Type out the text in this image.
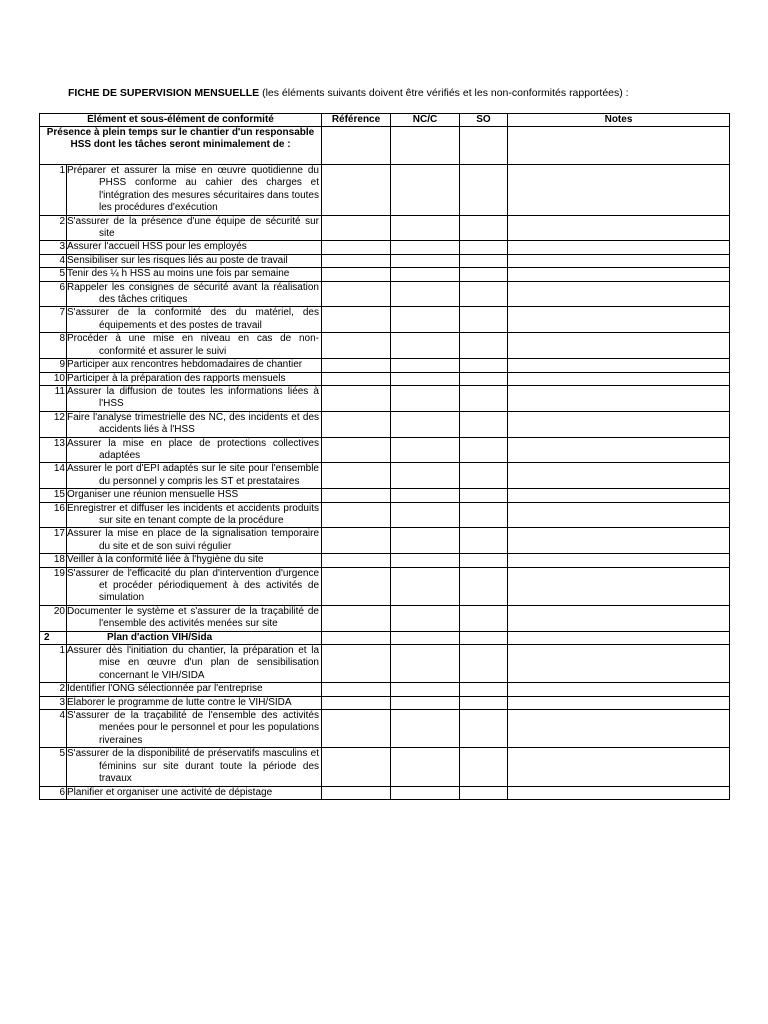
FICHE DE SUPERVISION MENSUELLE (les éléments suivants doivent être vérifiés et les non-conformités rapportées) :
Élément et sous-élément de conformité		Référence	NC/C	SO	Notes
Présence à plein temps sur le chantier d'un responsable HSS dont les tâches seront minimalement de :					
1	Préparer et assurer la mise en œuvre quotidienne du PHSS conforme au cahier des charges et l'intégration des mesures sécuritaires dans toutes les procédures d'exécution				

2	S'assurer de la présence d'une équipe de sécurité sur site				

3	Assurer l'accueil HSS pour les employés				

4	Sensibiliser sur les risques liés au poste de travail				

5	Tenir des ¼ h HSS au moins une fois par semaine				

6	Rappeler les consignes de sécurité avant la réalisation des tâches critiques				

7	S'assurer de la conformité des du matériel, des équipements et des postes de travail				

8	Procéder à une mise en niveau en cas de non-conformité et assurer le suivi				

9	Participer aux rencontres hebdomadaires de chantier				

10	Participer à la préparation des rapports mensuels				

11	Assurer la diffusion de toutes les informations liées à l'HSS				

12	Faire l'analyse trimestrielle des NC, des incidents et des accidents liés à l'HSS				

13	Assurer la mise en place de protections collectives adaptées				

14	Assurer le port d'EPI adaptés sur le site pour l'ensemble du personnel y compris les ST et prestataires				

15	Organiser une réunion mensuelle HSS				

16	Enregistrer et diffuser les incidents et accidents produits sur site en tenant compte de la procédure				

17	Assurer la mise en place de la signalisation temporaire du site et de son suivi régulier				

18	Veiller à la conformité liée à l'hygiène du site				

19	S'assurer de l'efficacité du plan d'intervention d'urgence et procéder périodiquement à des activités de simulation				

20	Documenter le système et s'assurer de la traçabilité de l'ensemble des activités menées sur site				

2	Plan d'action VIH/Sida				
1	Assurer dès l'initiation du chantier, la préparation et la mise en œuvre d'un plan de sensibilisation concernant le VIH/SIDA				

2	Identifier l'ONG sélectionnée par l'entreprise				

3	Elaborer le programme de lutte contre le VIH/SIDA				

4	S'assurer de la traçabilité de l'ensemble des activités menées pour le personnel et pour les populations riveraines				

5	S'assurer de la disponibilité de préservatifs masculins et féminins sur site durant toute la période des travaux				

6	Planifier et organiser une activité de dépistage				
